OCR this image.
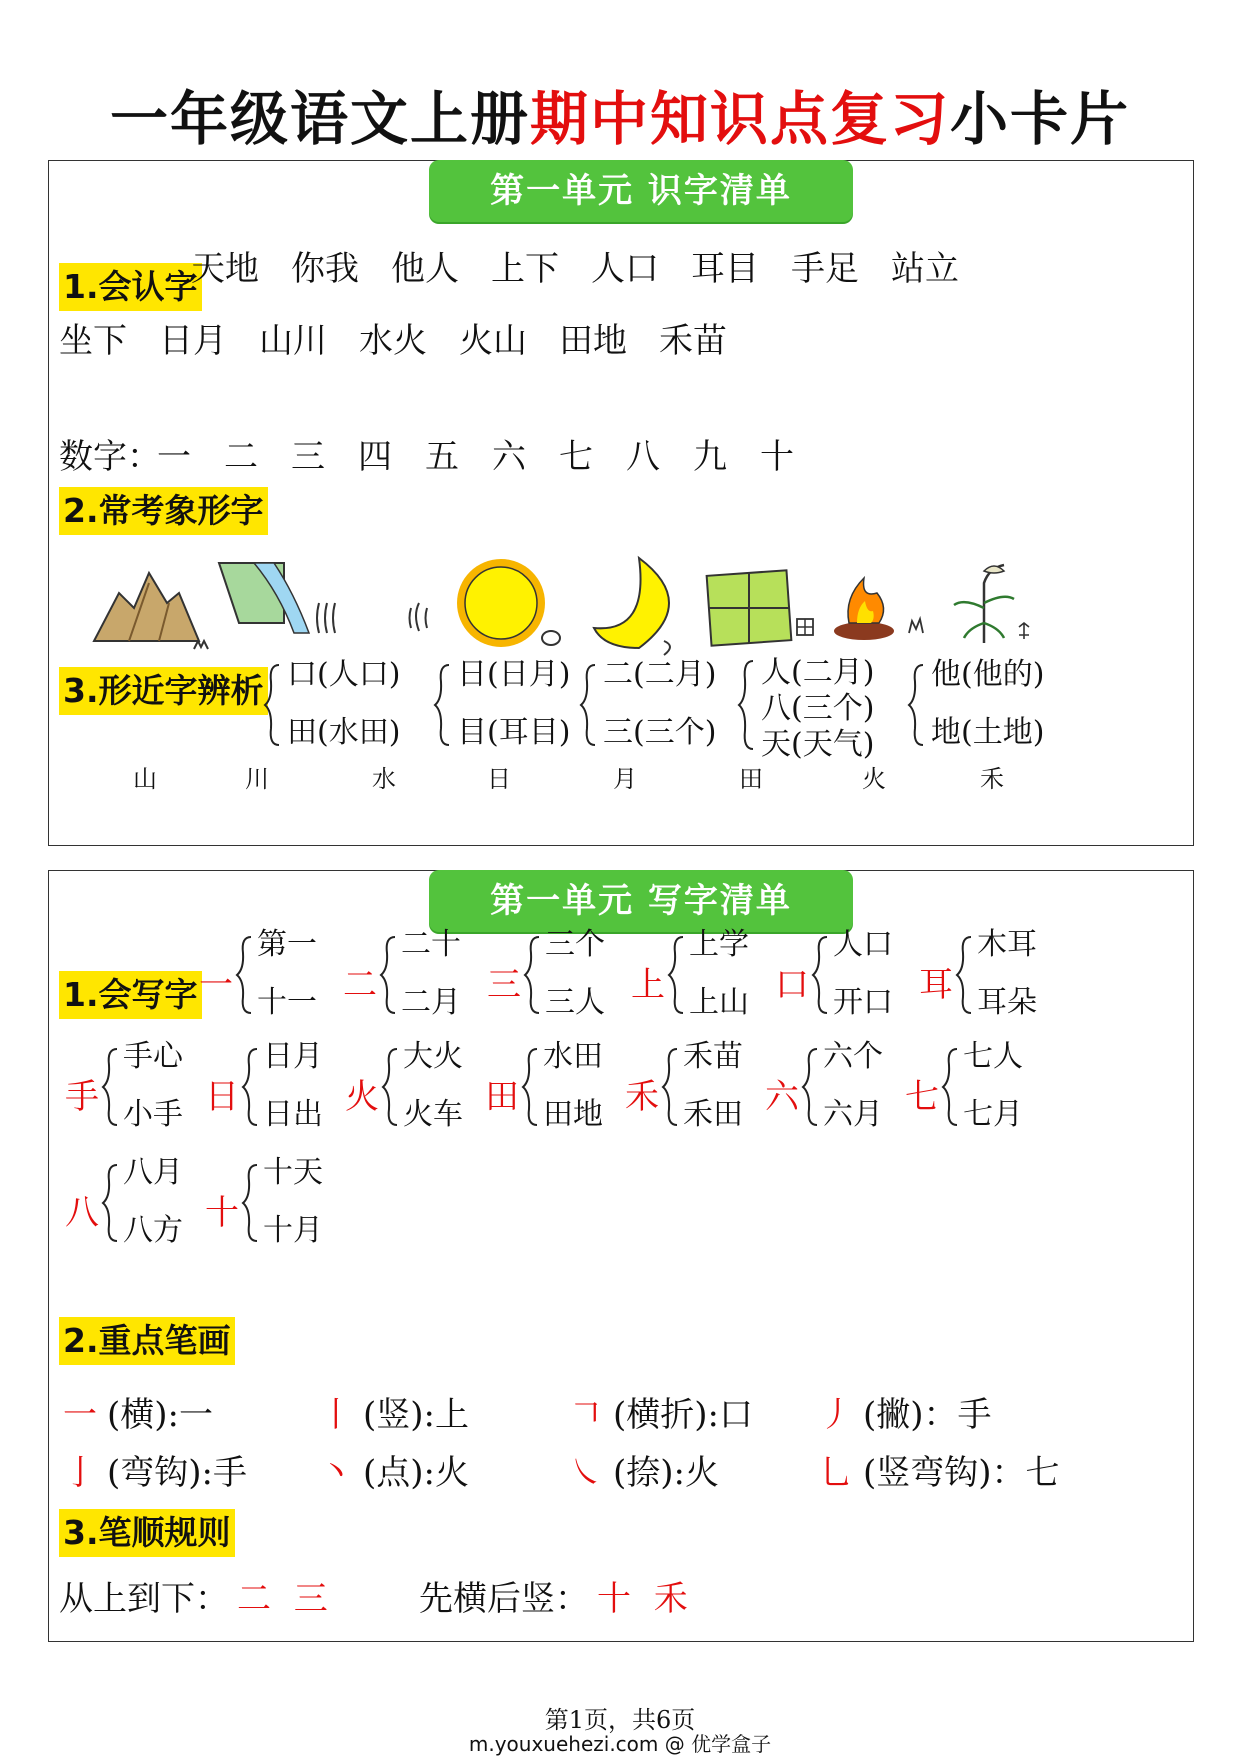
一年级语文上册期中知识点复习小卡片
第一单元 识字清单
1.会认字
天地 你我 他人 上下 人口 耳目 手足 站立
坐下 日月 山川 水火 火山 田地 禾苗
数字：
一 二 三 四 五 六 七 八 九 十
2.常考象形字
山	川	水	日	月	田	火	禾
3.形近字辨析 口(人口)
田(水田)
日(日月)
目(耳目)
二(二月)
三(三个)
人(二月)
八(三个)
天(天气)
他(他的)
地(土地)
第一单元 写字清单
1.会写字 一
第一
十一 二
二十
二月 三
三个
三人 上
上学
上山 口
人口
开口 耳
木耳
耳朵
手
手心
小手 日
日月
日出 火
大火
火车 田
水田
田地 禾
禾苗
禾田 六
六个
六月 七
七人
七月
八
八月
八方 十
十天
十月
2.重点笔画
一 (横):一	丨 (竖):上	𠃍 (横折):口 丿 (撇)：手
亅 (弯钩):手 丶 (点):火	㇏ (捺):火	乚 (竖弯钩)：七
3.笔顺规则
从上到下： 二 三	先横后竖： 十 禾
第1页，共6页
m.youxuehezi.com @ 优学盒子
